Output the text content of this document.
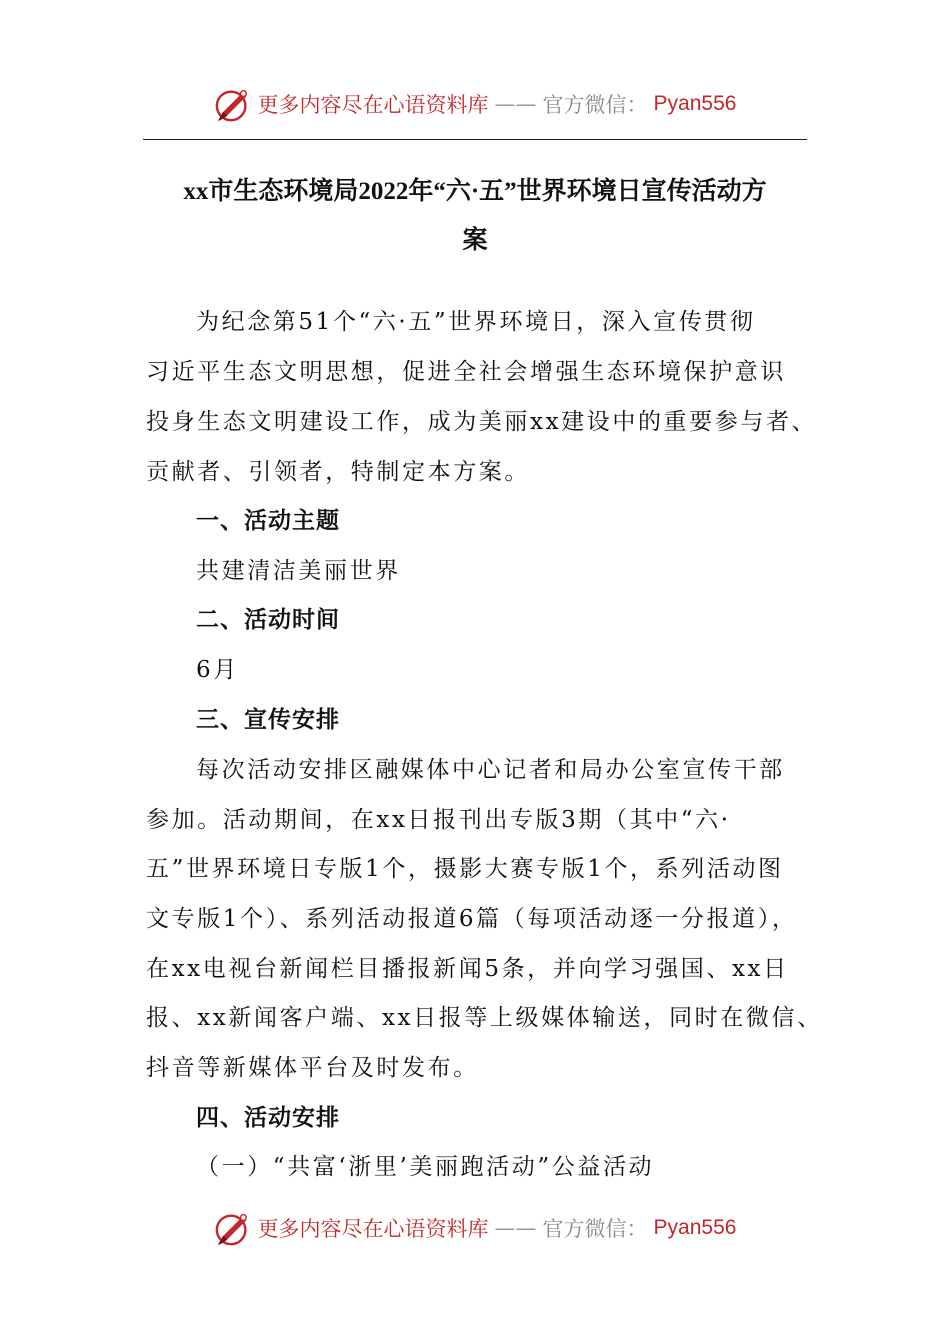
更多内容尽在心语资料库 —— 官方微信： Pyan556
xx市生态环境局2022年“六·五”世界环境日宣传活动方
案
为纪念第51个“六·五”世界环境日，深入宣传贯彻
习近平生态文明思想，促进全社会增强生态环境保护意识
投身生态文明建设工作，成为美丽xx建设中的重要参与者、
贡献者、引领者，特制定本方案。
一、活动主题
共建清洁美丽世界
二、活动时间
6月
三、宣传安排
每次活动安排区融媒体中心记者和局办公室宣传干部
参加。活动期间，在xx日报刊出专版3期（其中“六·
五”世界环境日专版1个，摄影大赛专版1个，系列活动图
文专版1个）、系列活动报道6篇（每项活动逐一分报道），
在xx电视台新闻栏目播报新闻5条，并向学习强国、xx日
报、xx新闻客户端、xx日报等上级媒体输送，同时在微信、
抖音等新媒体平台及时发布。
四、活动安排
（一）“共富‘浙里’美丽跑活动”公益活动
更多内容尽在心语资料库 —— 官方微信： Pyan556
